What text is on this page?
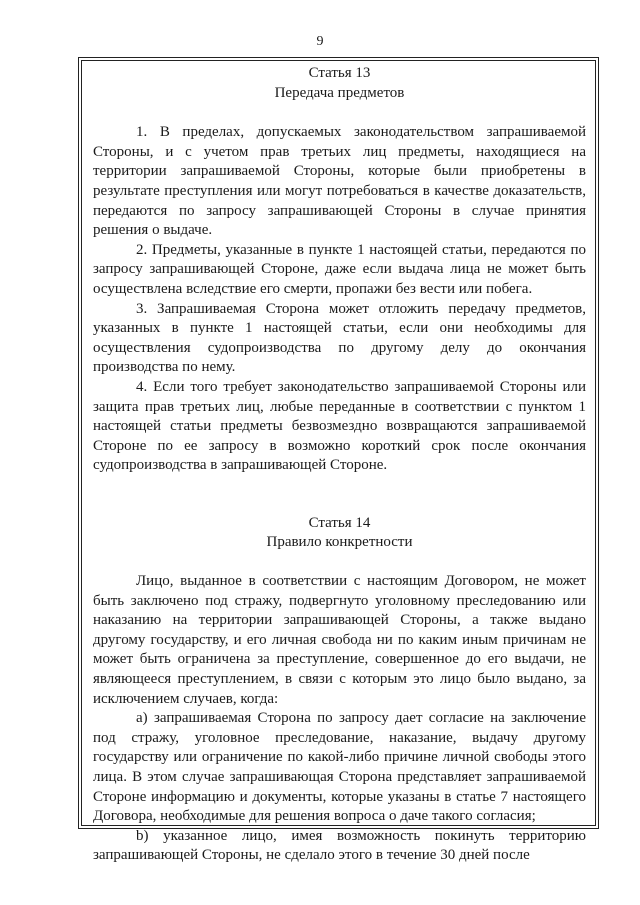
9
Статья 13
Передача предметов

1. В пределах, допускаемых законодательством запрашиваемой Стороны, и с учетом прав третьих лиц предметы, находящиеся на территории запрашиваемой Стороны, которые были приобретены в результате преступления или могут потребоваться в качестве доказательств, передаются по запросу запрашивающей Стороны в случае принятия решения о выдаче.

2. Предметы, указанные в пункте 1 настоящей статьи, передаются по запросу запрашивающей Стороне, даже если выдача лица не может быть осуществлена вследствие его смерти, пропажи без вести или побега.

3. Запрашиваемая Сторона может отложить передачу предметов, указанных в пункте 1 настоящей статьи, если они необходимы для осуществления судопроизводства по другому делу до окончания производства по нему.

4. Если того требует законодательство запрашиваемой Стороны или защита прав третьих лиц, любые переданные в соответствии с пунктом 1 настоящей статьи предметы безвозмездно возвращаются запрашиваемой Стороне по ее запросу в возможно короткий срок после окончания судопроизводства в запрашивающей Стороне.

Статья 14
Правило конкретности

Лицо, выданное в соответствии с настоящим Договором, не может быть заключено под стражу, подвергнуто уголовному преследованию или наказанию на территории запрашивающей Стороны, а также выдано другому государству, и его личная свобода ни по каким иным причинам не может быть ограничена за преступление, совершенное до его выдачи, не являющееся преступлением, в связи с которым это лицо было выдано, за исключением случаев, когда:

а) запрашиваемая Сторона по запросу дает согласие на заключение под стражу, уголовное преследование, наказание, выдачу другому государству или ограничение по какой-либо причине личной свободы этого лица. В этом случае запрашивающая Сторона представляет запрашиваемой Стороне информацию и документы, которые указаны в статье 7 настоящего Договора, необходимые для решения вопроса о даче такого согласия;

b) указанное лицо, имея возможность покинуть территорию запрашивающей Стороны, не сделало этого в течение 30 дней после
